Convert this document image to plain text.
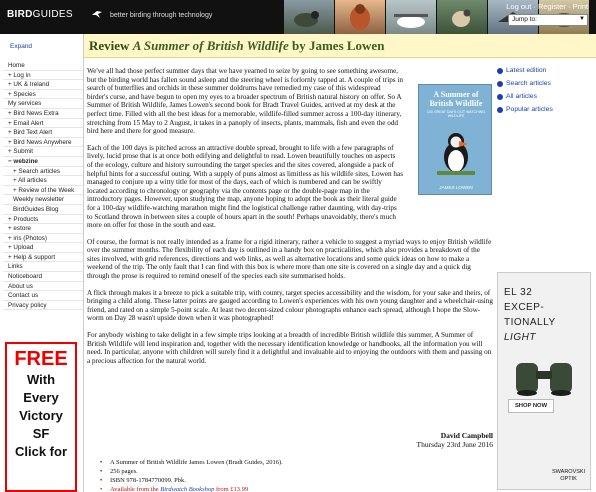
BIRDGUIDES	better birding through technology
Log out · Register · Print
Jump to:	▼
Expand
Home
+ Log in
+ UK & Ireland
+ Species
My services
+ Bird News Extra
+ Email Alert
+ Bird Text Alert
+ Bird News Anywhere
+ Submit
− webzine
+ Search articles
+ All articles
+ Review of the Week
Weekly newsletter
BirdGuides Blog
+ Products
+ estore
+ iris (Photos)
+ Upload
+ Help & support
Links
Noticeboard
About us
Contact us
Privacy policy
FREE
With
Every
Victory
SF
Click for
Review A Summer of British Wildlife by James Lowen

We've all had those perfect summer days that we have yearned to seize by going to see something awesome, but the birding world has fallen sound asleep and the steering wheel is forlornly tapped at. A couple of trips in search of butterflies and orchids in these summer doldrums have remedied my case of this widespread birder's curse, and have begun to open my eyes to a broader spectrum of British natural history on offer. So A Summer of British Wildlife, James Lowen's second book for Bradt Travel Guides, arrived at my desk at the perfect time. Filled with all the best ideas for a memorable, wildlife-filled summer across a 100-day itinerary, stretching from 15 May to 2 August, it takes in a panoply of insects, plants, mammals, fish and even the odd bird here and there for good measure.

Each of the 100 days is pitched across an attractive double spread, brought to life with a few paragraphs of lively, lucid prose that is at once both edifying and delightful to read. Lowen beautifully touches on aspects of the ecology, culture and history surrounding the target species and the sites covered, alongside a pack of helpful hints for a successful outing. With a supply of puns almost as limitless as his wildlife sites, Lowen has managed to conjure up a witty title for most of the days, each of which is numbered and can be swiftly located according to chronology or geography via the contents page or the double-page map in the introductory pages. However, upon studying the map, anyone hoping to adopt the book as their literal guide for a 100-day wildlife-watching marathon might find the logistical challenge rather daunting, with day-trips to Scotland thrown in between sites a couple of hours apart in the south! Perhaps unavoidably, there's much more on offer for those in the south and east.

Of course, the format is not really intended as a frame for a rigid itinerary, rather a vehicle to suggest a myriad ways to enjoy British wildlife over the summer months. The flexibility of each day is outlined in a handy box on practicalities, which also provides a breakdown of the sites involved, with grid references, directions and web links, as well as alternative locations and some quick ideas on how to make a weekend of the trip. The only fault that I can find with this box is where more than one site is covered on a single day and a quick dig through the prose is required to remind oneself of the species each site summarised holds.

A flick through makes it a breeze to pick a suitable trip, with county, target species accessibility and the wisdom, for your sake and theirs, of bringing a child along. These latter points are gauged according to Lowen's experiences with his own young daughter and a wheelchair-using friend, and rated on a simple 5-point scale. At least two decent-sized colour photographs enhance each spread, although I hope the Slow-worm on Day 28 wasn't upside down when it was photographed!

For anybody wishing to take delight in a few simple trips looking at a breadth of incredible British wildlife this summer, A Summer of British Wildlife will lend inspiration and, together with the necessary identification knowledge or handbooks, all the information you will need. In particular, anyone with children will surely find it a delightful and invaluable aid to enjoying the outdoors with them and passing on a precious affection for the natural world.

A Summer of British Wildlife
100 GREAT DAYS OUT WATCHING WILDLIFE
JAMES LOWEN
David Campbell
Thursday 23rd June 2016
• A Summer of British Wildlife James Lowen (Bradt Guides, 2016).
• 256 pages.
• ISBN 978-1784770099. Pbk.
• Available from the Birdwatch Bookshop from £13.99
Latest edition
Search articles
All articles
Popular articles
EL 32
EXCEP-
TIONALLY
LIGHT
SHOP NOW
SWAROVSKI
OPTIK
